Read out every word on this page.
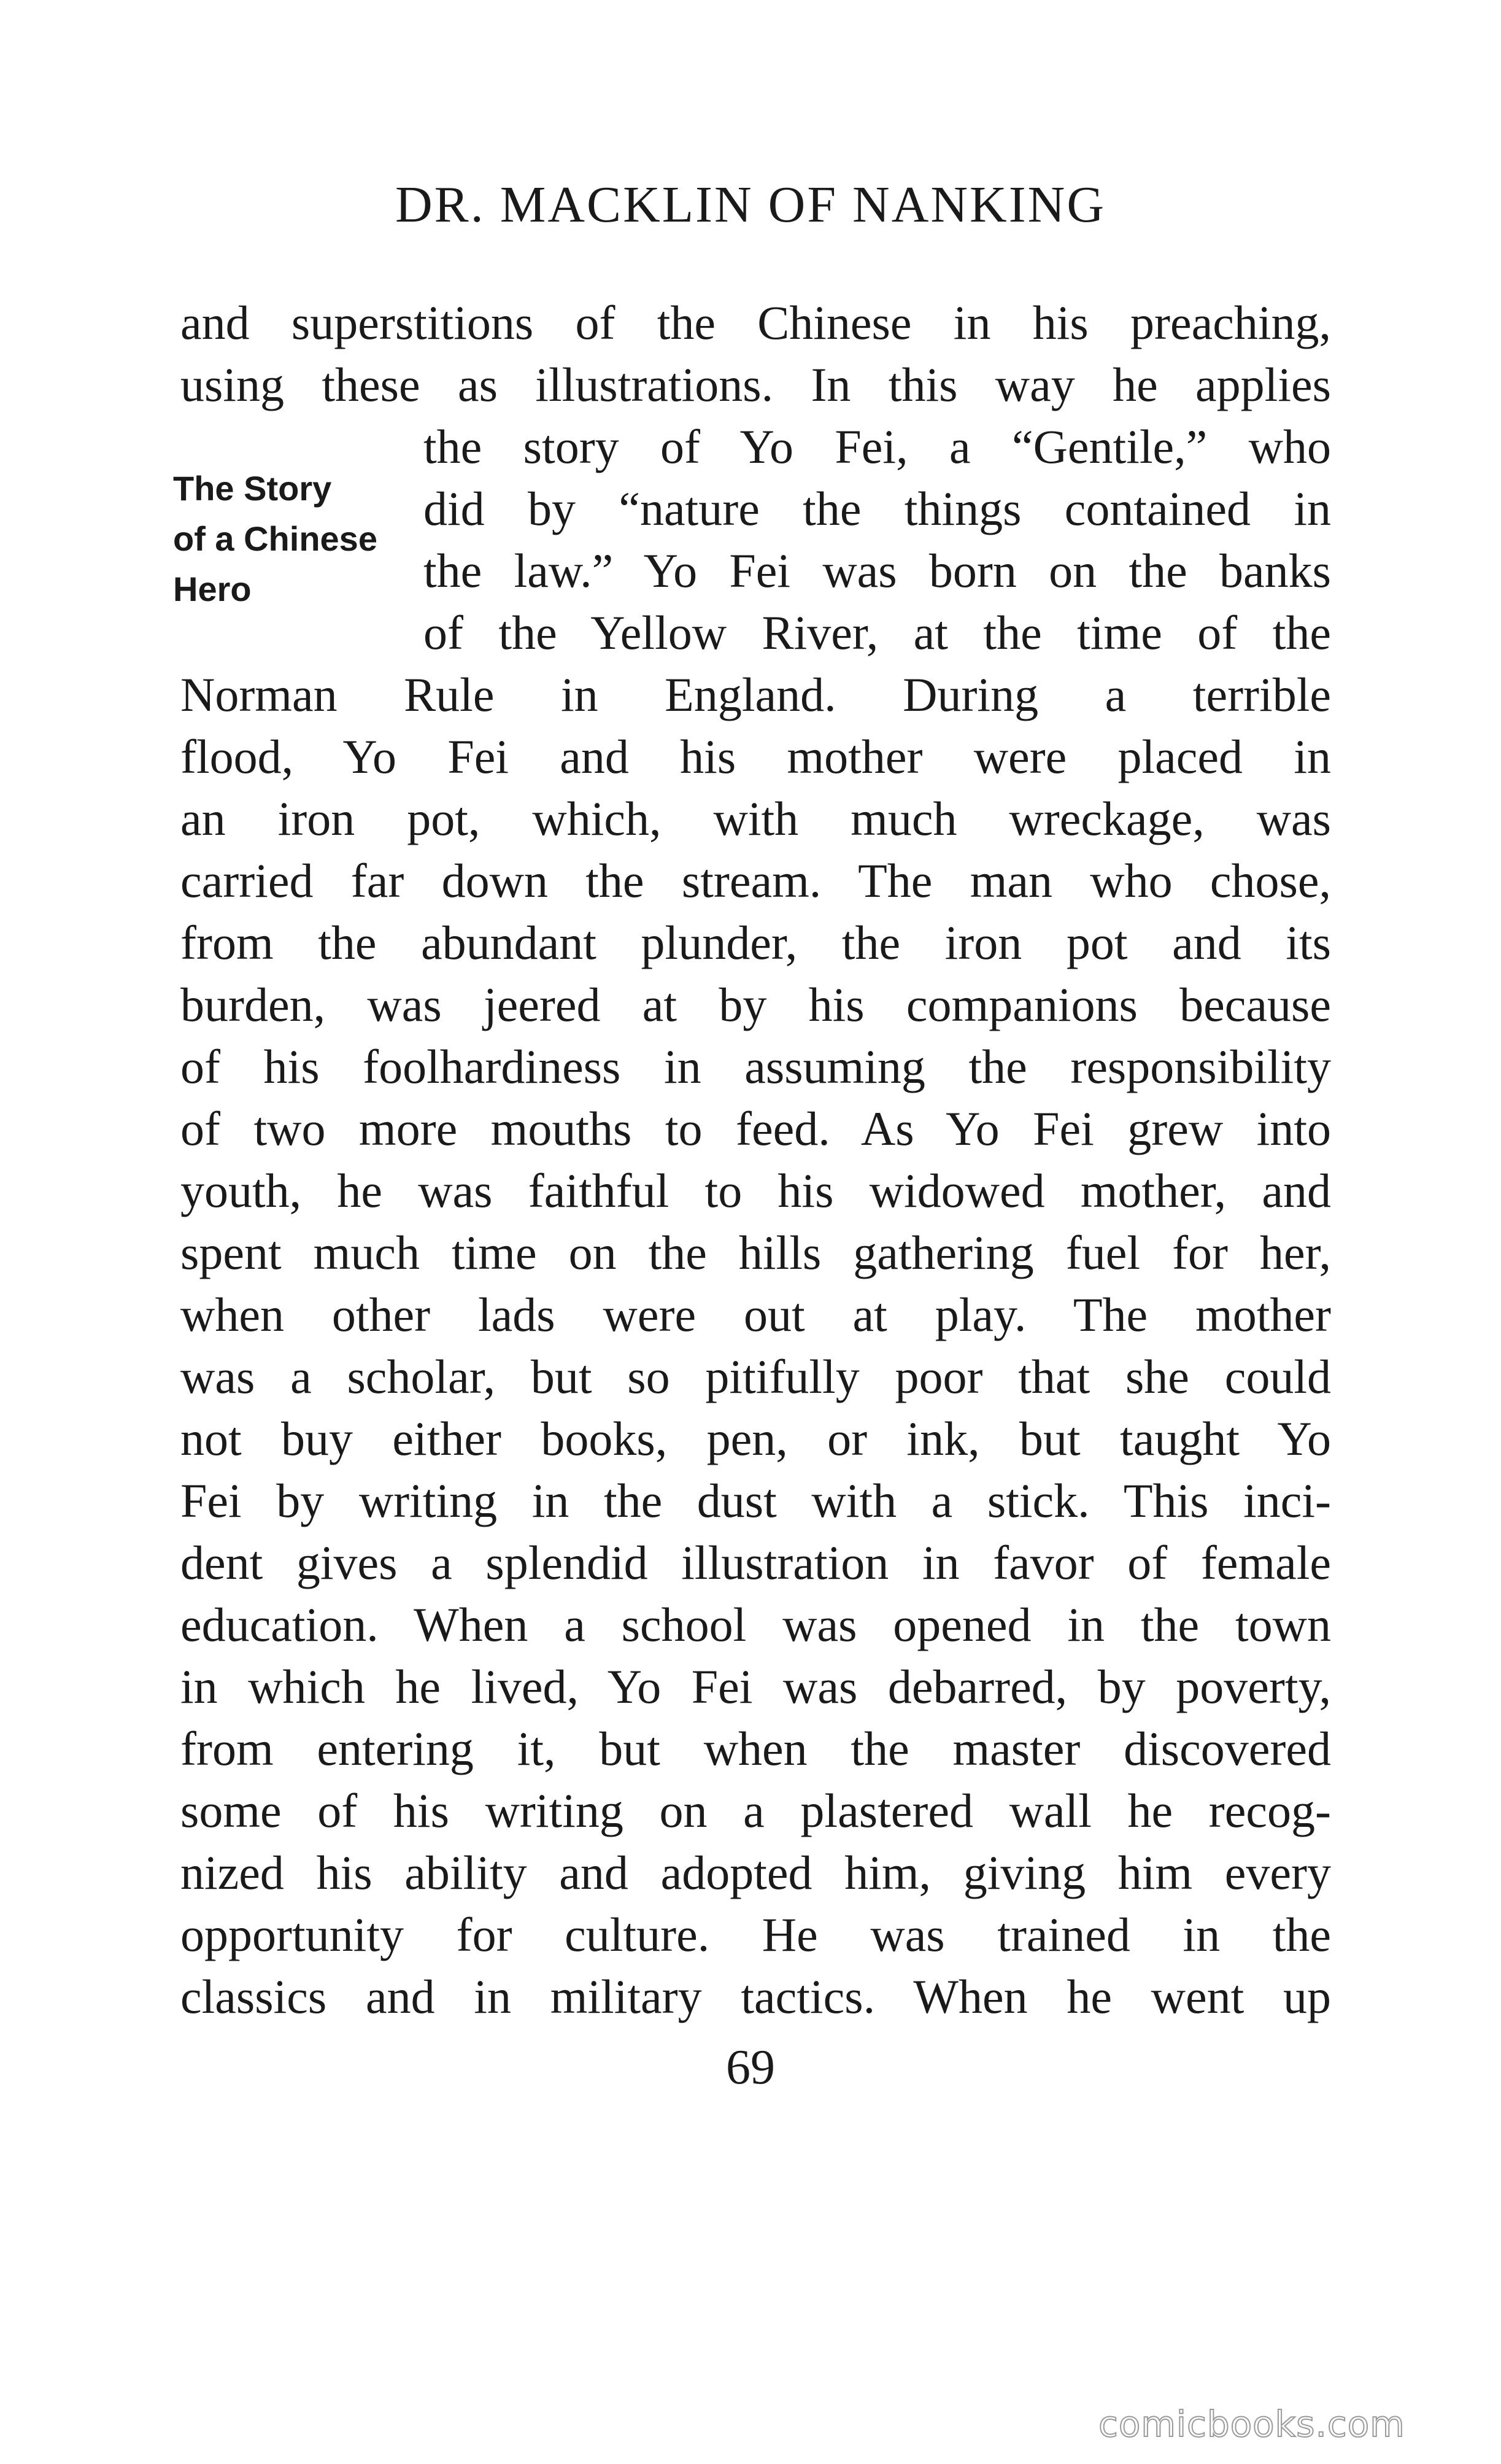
DR. MACKLIN OF NANKING
The Story
of a Chinese
Hero
and superstitions of the Chinese in his preaching,
using these as illustrations. In this way he applies
the story of Yo Fei, a “Gentile,” who
did by “nature the things contained in
the law.” Yo Fei was born on the banks
of the Yellow River, at the time of the
Norman Rule in England. During a terrible
flood, Yo Fei and his mother were placed in
an iron pot, which, with much wreckage, was
carried far down the stream. The man who chose,
from the abundant plunder, the iron pot and its
burden, was jeered at by his companions because
of his foolhardiness in assuming the responsibility
of two more mouths to feed. As Yo Fei grew into
youth, he was faithful to his widowed mother, and
spent much time on the hills gathering fuel for her,
when other lads were out at play. The mother
was a scholar, but so pitifully poor that she could
not buy either books, pen, or ink, but taught Yo
Fei by writing in the dust with a stick. This inci-
dent gives a splendid illustration in favor of female
education. When a school was opened in the town
in which he lived, Yo Fei was debarred, by poverty,
from entering it, but when the master discovered
some of his writing on a plastered wall he recog-
nized his ability and adopted him, giving him every
opportunity for culture. He was trained in the
classics and in military tactics. When he went up
69
comicbooks.com
